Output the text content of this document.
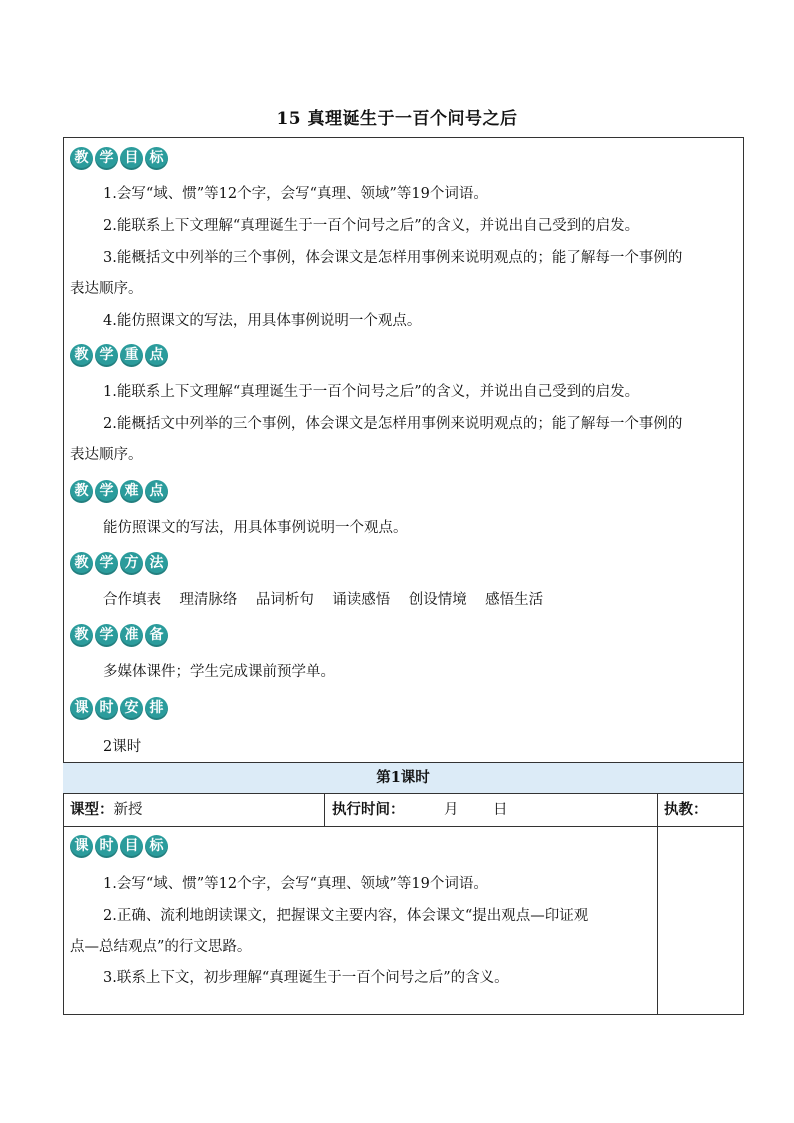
15 真理诞生于一百个问号之后
教 学 目 标
1.会写“域、惯”等12个字，会写“真理、领域”等19个词语。
2.能联系上下文理解“真理诞生于一百个问号之后”的含义，并说出自己受到的启发。
3.能概括文中列举的三个事例，体会课文是怎样用事例来说明观点的；能了解每一个事例的
表达顺序。
4.能仿照课文的写法，用具体事例说明一个观点。
教 学 重 点
1.能联系上下文理解“真理诞生于一百个问号之后”的含义，并说出自己受到的启发。
2.能概括文中列举的三个事例，体会课文是怎样用事例来说明观点的；能了解每一个事例的
表达顺序。
教 学 难 点
能仿照课文的写法，用具体事例说明一个观点。
教 学 方 法
合作填表    理清脉络    品词析句    诵读感悟    创设情境    感悟生活
教 学 准 备
多媒体课件；学生完成课前预学单。
课 时 安 排
2课时
第1课时
课型：新授	执行时间：	月 日	执教：
课 时 目 标
1.会写“域、惯”等12个字，会写“真理、领域”等19个词语。
2.正确、流利地朗读课文，把握课文主要内容，体会课文“提出观点—印证观
点—总结观点”的行文思路。
3.联系上下文，初步理解“真理诞生于一百个问号之后”的含义。
